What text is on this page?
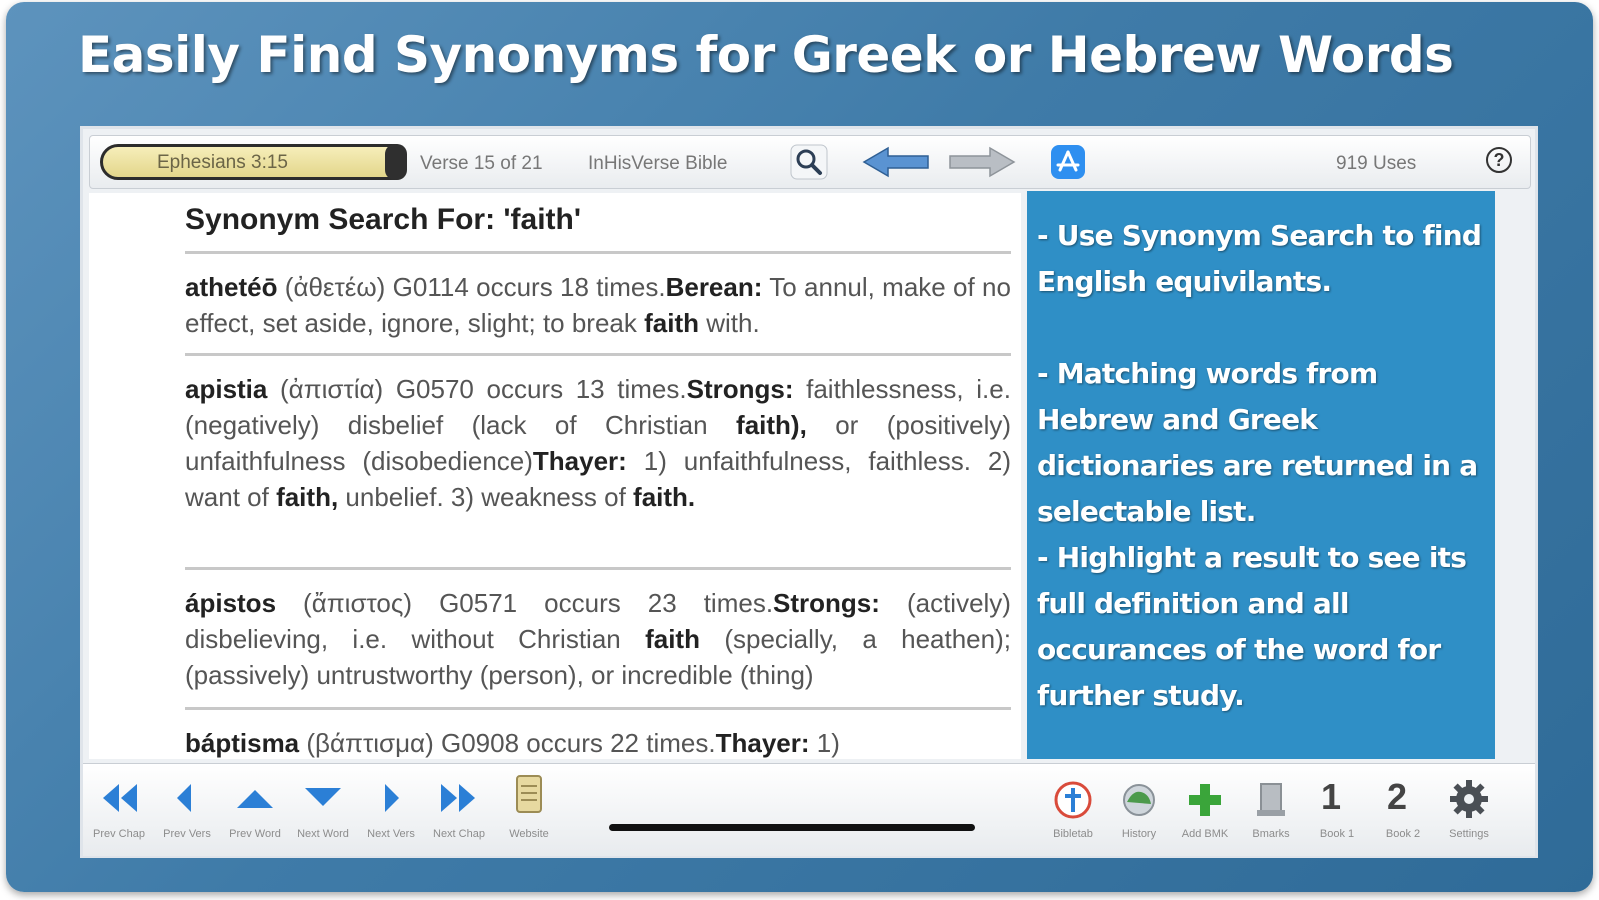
Easily Find Synonyms for Greek or Hebrew Words
Ephesians 3:15	Verse 15 of 21 InHisVerse Bible	919 Uses	?
Synonym Search For: 'faith'
athetéō (ἀθετέω) G0114 occurs 18 times.Berean: To annul, make of no effect, set aside, ignore, slight; to break faith with.
apistia (ἀπιστία) G0570 occurs 13 times.Strongs: faithlessness, i.e. (negatively) disbelief (lack of Christian faith), or (positively) unfaithfulness (disobedience)Thayer: 1) unfaithfulness, faithless. 2) want of faith, unbelief. 3) weakness of faith.
ápistos (ἄπιστος) G0571 occurs 23 times.Strongs: (actively) disbelieving, i.e. without Christian faith (specially, a heathen); (passively) untrustworthy (person), or incredible (thing)
báptisma (βάπτισμα) G0908 occurs 22 times.Thayer: 1)

- Use Synonym Search to find English equivilants.

- Matching words from Hebrew and Greek dictionaries are returned in a selectable list.

- Highlight a result to see its full definition and all occurances of the word for further study.

Prev Chap	Prev Vers	Prev Word	Next Word	Next Vers	Next Chap	Website	Bibletab	History	Add BMK	Bmarks
1
Book 1
2
Book 2	Settings
